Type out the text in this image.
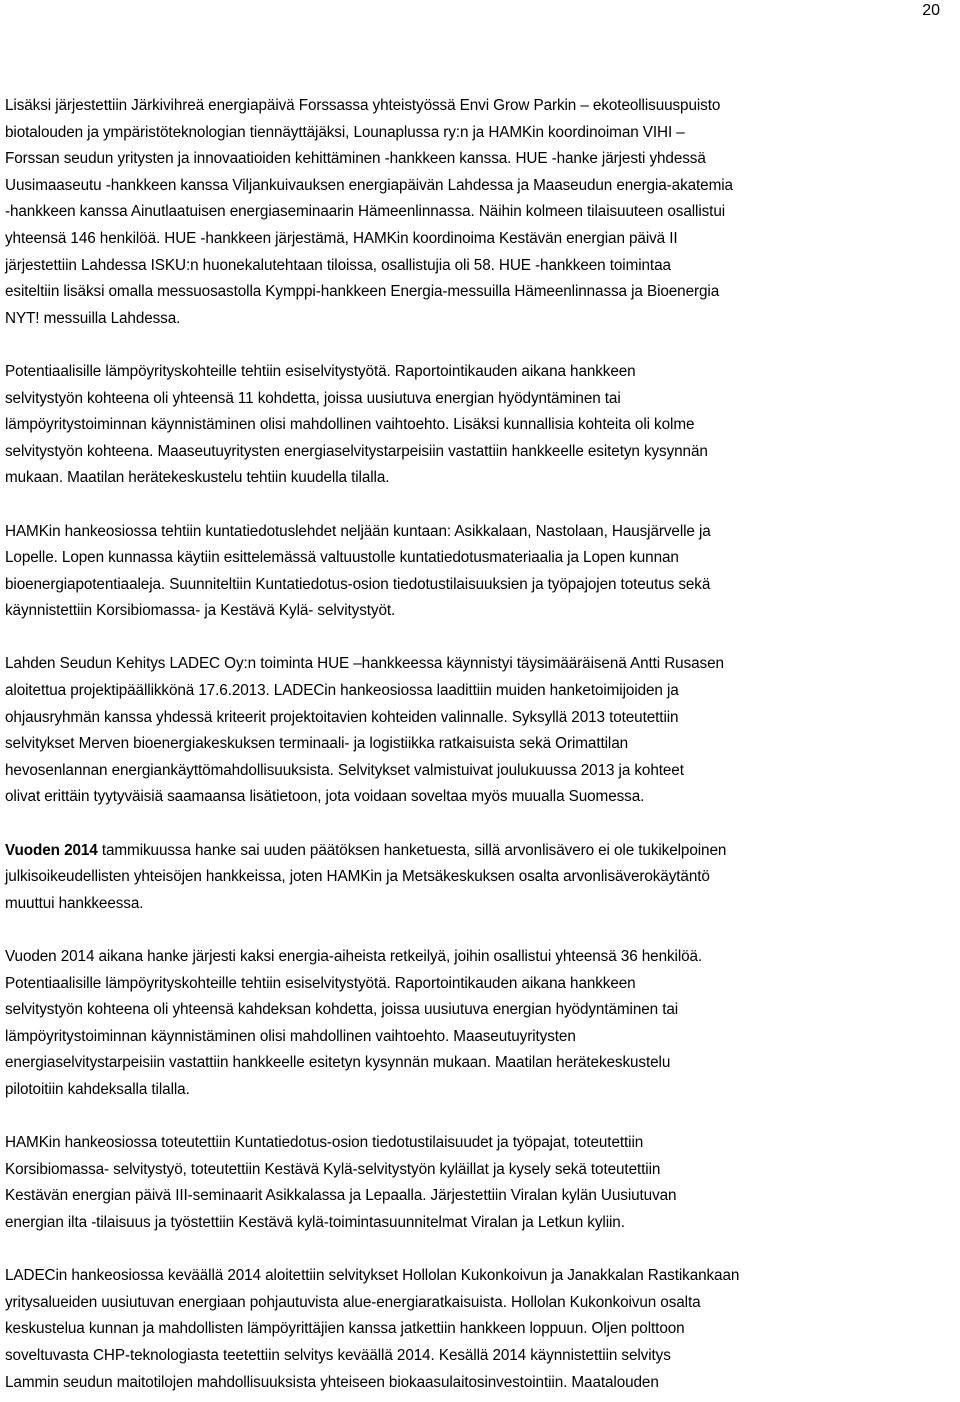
20

Lisäksi järjestettiin Järkivihreä energiapäivä Forssassa yhteistyössä Envi Grow Parkin – ekoteollisuuspuisto
biotalouden ja ympäristöteknologian tiennäyttäjäksi, Lounaplussa ry:n ja HAMKin koordinoiman VIHI –
Forssan seudun yritysten ja innovaatioiden kehittäminen -hankkeen kanssa. HUE -hanke järjesti yhdessä
Uusimaaseutu -hankkeen kanssa Viljankuivauksen energiapäivän Lahdessa ja Maaseudun energia-akatemia
-hankkeen kanssa Ainutlaatuisen energiaseminaarin Hämeenlinnassa. Näihin kolmeen tilaisuuteen osallistui
yhteensä 146 henkilöä. HUE -hankkeen järjestämä, HAMKin koordinoima Kestävän energian päivä II
järjestettiin Lahdessa ISKU:n huonekalutehtaan tiloissa, osallistujia oli 58. HUE -hankkeen toimintaa
esiteltiin lisäksi omalla messuosastolla Kymppi-hankkeen Energia-messuilla Hämeenlinnassa ja Bioenergia
NYT! messuilla Lahdessa.

Potentiaalisille lämpöyrityskohteille tehtiin esiselvitystyötä. Raportointikauden aikana hankkeen
selvitystyön kohteena oli yhteensä 11 kohdetta, joissa uusiutuva energian hyödyntäminen tai
lämpöyritystoiminnan käynnistäminen olisi mahdollinen vaihtoehto. Lisäksi kunnallisia kohteita oli kolme
selvitystyön kohteena. Maaseutuyritysten energiaselvitystarpeisiin vastattiin hankkeelle esitetyn kysynnän
mukaan. Maatilan herätekeskustelu tehtiin kuudella tilalla.

HAMKin hankeosiossa tehtiin kuntatiedotuslehdet neljään kuntaan: Asikkalaan, Nastolaan, Hausjärvelle ja
Lopelle. Lopen kunnassa käytiin esittelemässä valtuustolle kuntatiedotusmateriaalia ja Lopen kunnan
bioenergiapotentiaaleja. Suunniteltiin Kuntatiedotus-osion tiedotustilaisuuksien ja työpajojen toteutus sekä
käynnistettiin Korsibiomassa- ja Kestävä Kylä- selvitystyöt.

Lahden Seudun Kehitys LADEC Oy:n toiminta HUE –hankkeessa käynnistyi täysimääräisenä Antti Rusasen
aloitettua projektipäällikkönä 17.6.2013. LADECin hankeosiossa laadittiin muiden hanketoimijoiden ja
ohjausryhmän kanssa yhdessä kriteerit projektoitavien kohteiden valinnalle. Syksyllä 2013 toteutettiin
selvitykset Merven bioenergiakeskuksen terminaali- ja logistiikka ratkaisuista sekä Orimattilan
hevosenlannan energiankäyttömahdollisuuksista. Selvitykset valmistuivat joulukuussa 2013 ja kohteet
olivat erittäin tyytyväisiä saamaansa lisätietoon, jota voidaan soveltaa myös muualla Suomessa.

Vuoden 2014 tammikuussa hanke sai uuden päätöksen hanketuesta, sillä arvonlisävero ei ole tukikelpoinen
julkisoikeudellisten yhteisöjen hankkeissa, joten HAMKin ja Metsäkeskuksen osalta arvonlisäverokäytäntö
muuttui hankkeessa.

Vuoden 2014 aikana hanke järjesti kaksi energia-aiheista retkeilyä, joihin osallistui yhteensä 36 henkilöä.
Potentiaalisille lämpöyrityskohteille tehtiin esiselvitystyötä. Raportointikauden aikana hankkeen
selvitystyön kohteena oli yhteensä kahdeksan kohdetta, joissa uusiutuva energian hyödyntäminen tai
lämpöyritystoiminnan käynnistäminen olisi mahdollinen vaihtoehto. Maaseutuyritysten
energiaselvitystarpeisiin vastattiin hankkeelle esitetyn kysynnän mukaan. Maatilan herätekeskustelu
pilotoitiin kahdeksalla tilalla.

HAMKin hankeosiossa toteutettiin Kuntatiedotus-osion tiedotustilaisuudet ja työpajat, toteutettiin
Korsibiomassa- selvitystyö, toteutettiin Kestävä Kylä-selvitystyön kyläillat ja kysely sekä toteutettiin
Kestävän energian päivä III-seminaarit Asikkalassa ja Lepaalla. Järjestettiin Viralan kylän Uusiutuvan
energian ilta -tilaisuus ja työstettiin Kestävä kylä-toimintasuunnitelmat Viralan ja Letkun kyliin.

LADECin hankeosiossa keväällä 2014 aloitettiin selvitykset Hollolan Kukonkoivun ja Janakkalan Rastikankaan
yritysalueiden uusiutuvan energiaan pohjautuvista alue-energiaratkaisuista. Hollolan Kukonkoivun osalta
keskustelua kunnan ja mahdollisten lämpöyrittäjien kanssa jatkettiin hankkeen loppuun. Oljen polttoon
soveltuvasta CHP-teknologiasta teetettiin selvitys keväällä 2014. Kesällä 2014 käynnistettiin selvitys
Lammin seudun maitotilojen mahdollisuuksista yhteiseen biokaasulaitosinvestointiin. Maatalouden
